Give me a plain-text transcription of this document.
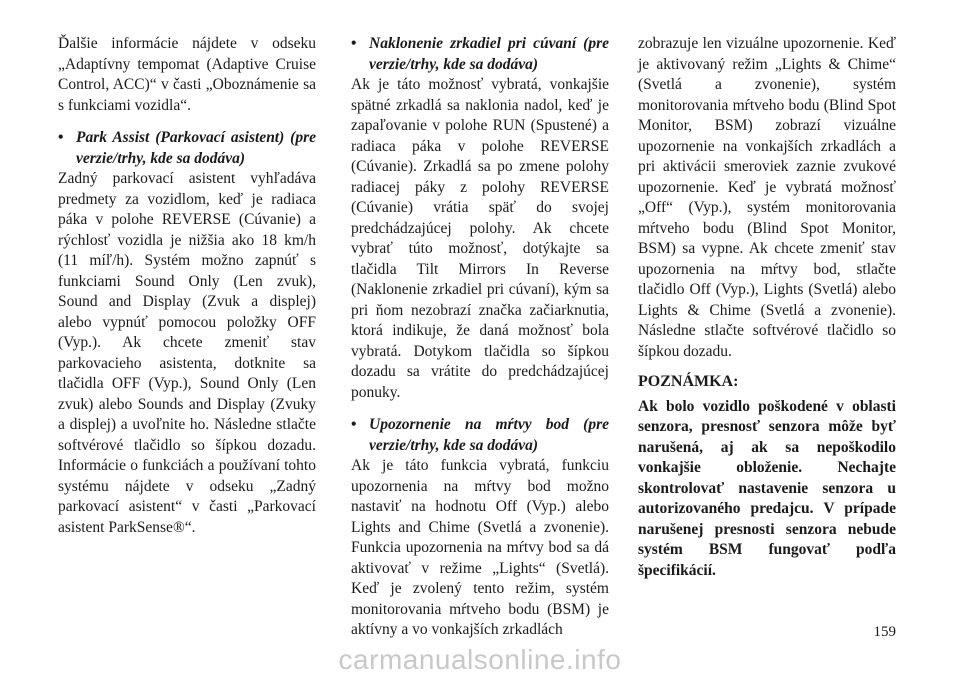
Ďalšie informácie nájdete v odseku „Adaptívny tempomat (Adaptive Cruise Control, ACC)“ v časti „Oboznámenie sa s funkciami vozidla“.

• Park Assist (Parkovací asistent) (pre verzie/trhy, kde sa dodáva)

Zadný parkovací asistent vyhľadáva predmety za vozidlom, keď je radiaca páka v polohe REVERSE (Cúvanie) a rýchlosť vozidla je nižšia ako 18 km/h (11 míľ/h). Systém možno zapnúť s funkciami Sound Only (Len zvuk), Sound and Display (Zvuk a displej) alebo vypnúť pomocou položky OFF (Vyp.). Ak chcete zmeniť stav parkovacieho asistenta, dotknite sa tlačidla OFF (Vyp.), Sound Only (Len zvuk) alebo Sounds and Display (Zvuky a displej) a uvoľnite ho. Následne stlačte softvérové tlačidlo so šípkou dozadu. Informácie o funkciách a používaní tohto systému nájdete v odseku „Zadný parkovací asistent“ v časti „Parkovací asistent ParkSense®“.

• Naklonenie zrkadiel pri cúvaní (pre verzie/trhy, kde sa dodáva)

Ak je táto možnosť vybratá, vonkajšie spätné zrkadlá sa naklonia nadol, keď je zapaľovanie v polohe RUN (Spustené) a radiaca páka v polohe REVERSE (Cúvanie). Zrkadlá sa po zmene polohy radiacej páky z polohy REVERSE (Cúvanie) vrátia späť do svojej predchádzajúcej polohy. Ak chcete vybrať túto možnosť, dotýkajte sa tlačidla Tilt Mirrors In Reverse (Naklonenie zrkadiel pri cúvaní), kým sa pri ňom nezobrazí značka začiarknutia, ktorá indikuje, že daná možnosť bola vybratá. Dotykom tlačidla so šípkou dozadu sa vrátite do predchádzajúcej ponuky.

• Upozornenie na mŕtvy bod (pre verzie/trhy, kde sa dodáva)

Ak je táto funkcia vybratá, funkciu upozornenia na mŕtvy bod možno nastaviť na hodnotu Off (Vyp.) alebo Lights and Chime (Svetlá a zvonenie). Funkcia upozornenia na mŕtvy bod sa dá aktivovať v režime „Lights“ (Svetlá). Keď je zvolený tento režim, systém monitorovania mŕtveho bodu (BSM) je aktívny a vo vonkajších zrkadlách

zobrazuje len vizuálne upozornenie. Keď je aktivovaný režim „Lights & Chime“ (Svetlá a zvonenie), systém monitorovania mŕtveho bodu (Blind Spot Monitor, BSM) zobrazí vizuálne upozornenie na vonkajších zrkadlách a pri aktivácii smeroviek zaznie zvukové upozornenie. Keď je vybratá možnosť „Off“ (Vyp.), systém monitorovania mŕtveho bodu (Blind Spot Monitor, BSM) sa vypne. Ak chcete zmeniť stav upozornenia na mŕtvy bod, stlačte tlačidlo Off (Vyp.), Lights (Svetlá) alebo Lights & Chime (Svetlá a zvonenie). Následne stlačte softvérové tlačidlo so šípkou dozadu.

POZNÁMKA:

Ak bolo vozidlo poškodené v oblasti senzora, presnosť senzora môže byť narušená, aj ak sa nepoškodilo vonkajšie obloženie. Nechajte skontrolovať nastavenie senzora u autorizovaného predajcu. V prípade narušenej presnosti senzora nebude systém BSM fungovať podľa špecifikácií.

159
carmanualsonline.info
